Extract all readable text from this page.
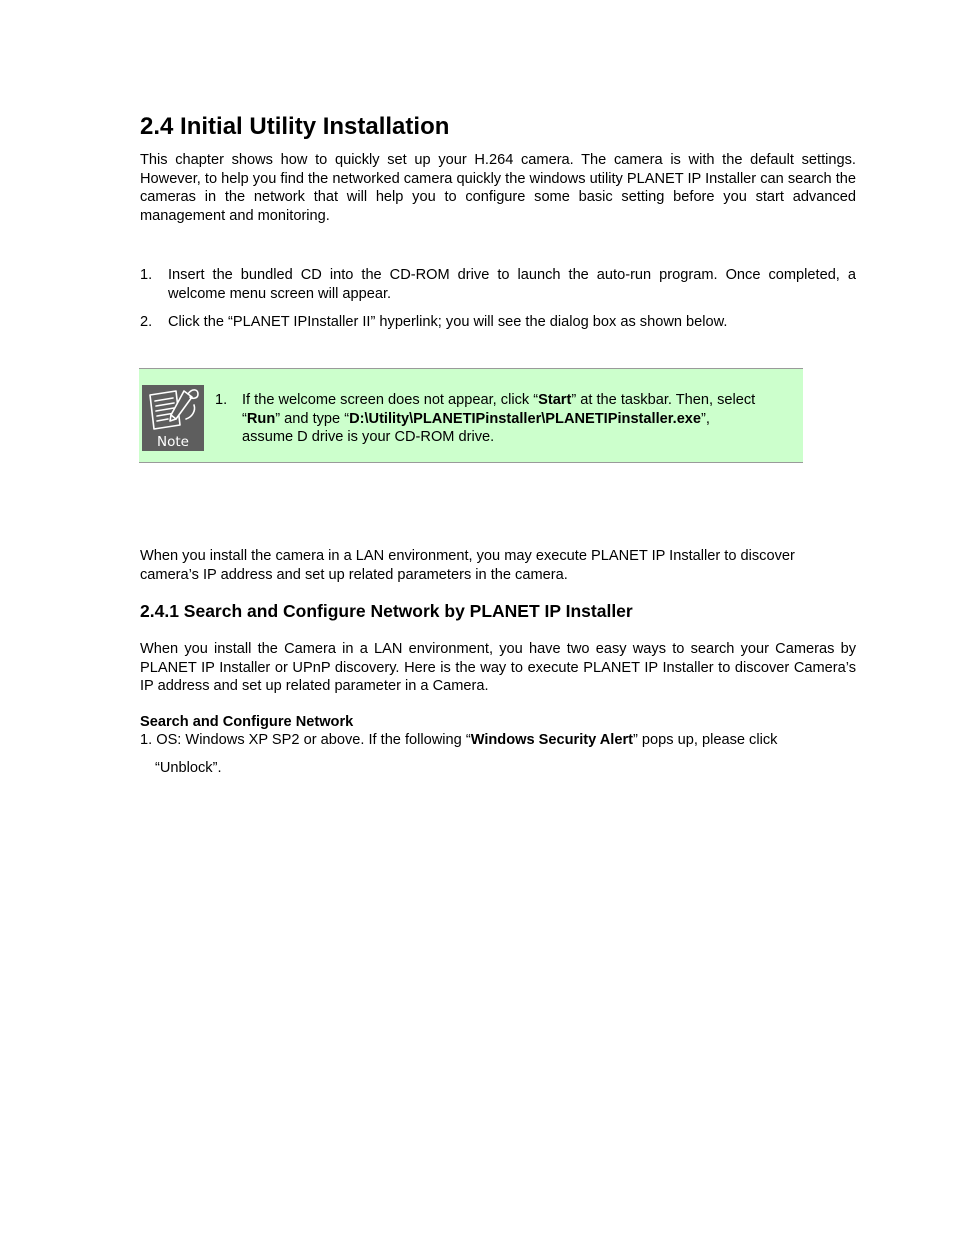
2.4 Initial Utility Installation

This chapter shows how to quickly set up your H.264 camera. The camera is with the default settings. However, to help you find the networked camera quickly the windows utility PLANET IP Installer can search the cameras in the network that will help you to configure some basic setting before you start advanced management and monitoring.

1. Insert the bundled CD into the CD-ROM drive to launch the auto-run program. Once completed, a welcome menu screen will appear.

2. Click the “PLANET IPInstaller II” hyperlink; you will see the dialog box as shown below.

Note
1. If the welcome screen does not appear, click “Start” at the taskbar. Then, select
“Run” and type “D:\Utility\PLANETIPinstaller\PLANETIPinstaller.exe”,
assume D drive is your CD-ROM drive.

When you install the camera in a LAN environment, you may execute PLANET IP Installer to discover camera’s IP address and set up related parameters in the camera.

2.4.1 Search and Configure Network by PLANET IP Installer

When you install the Camera in a LAN environment, you have two easy ways to search your Cameras by PLANET IP Installer or UPnP discovery. Here is the way to execute PLANET IP Installer to discover Camera’s IP address and set up related parameter in a Camera.

Search and Configure Network
1. OS: Windows XP SP2 or above. If the following “Windows Security Alert” pops up, please click
“Unblock”.
